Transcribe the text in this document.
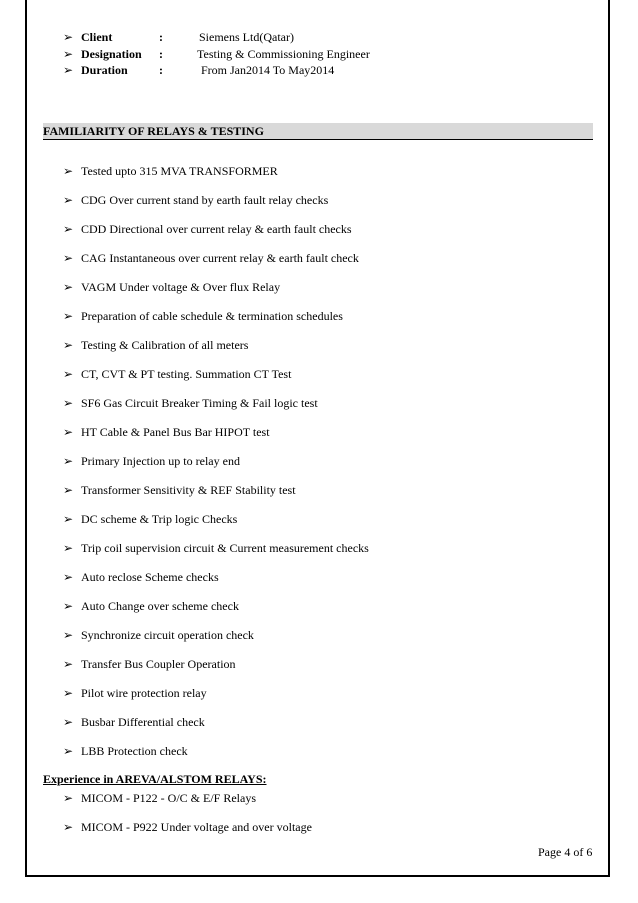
➢ Client	:	Siemens Ltd(Qatar)
➢ Designation :	Testing & Commissioning Engineer
➢ Duration	:	From Jan2014 To May2014
FAMILIARITY OF RELAYS & TESTING
➢ Tested upto 315 MVA TRANSFORMER
➢ CDG Over current stand by earth fault relay checks
➢ CDD Directional over current relay & earth fault checks
➢ CAG Instantaneous over current relay & earth fault check
➢ VAGM Under voltage & Over flux Relay
➢ Preparation of cable schedule & termination schedules
➢ Testing & Calibration of all meters
➢ CT, CVT & PT testing. Summation CT Test
➢ SF6 Gas Circuit Breaker Timing & Fail logic test
➢ HT Cable & Panel Bus Bar HIPOT test
➢ Primary Injection up to relay end
➢ Transformer Sensitivity & REF Stability test
➢ DC scheme & Trip logic Checks
➢ Trip coil supervision circuit & Current measurement checks
➢ Auto reclose Scheme checks
➢ Auto Change over scheme check
➢ Synchronize circuit operation check
➢ Transfer Bus Coupler Operation
➢ Pilot wire protection relay
➢ Busbar Differential check
➢ LBB Protection check
Experience in AREVA/ALSTOM RELAYS:
➢ MICOM - P122 - O/C & E/F Relays
➢ MICOM - P922 Under voltage and over voltage
Page 4 of 6
